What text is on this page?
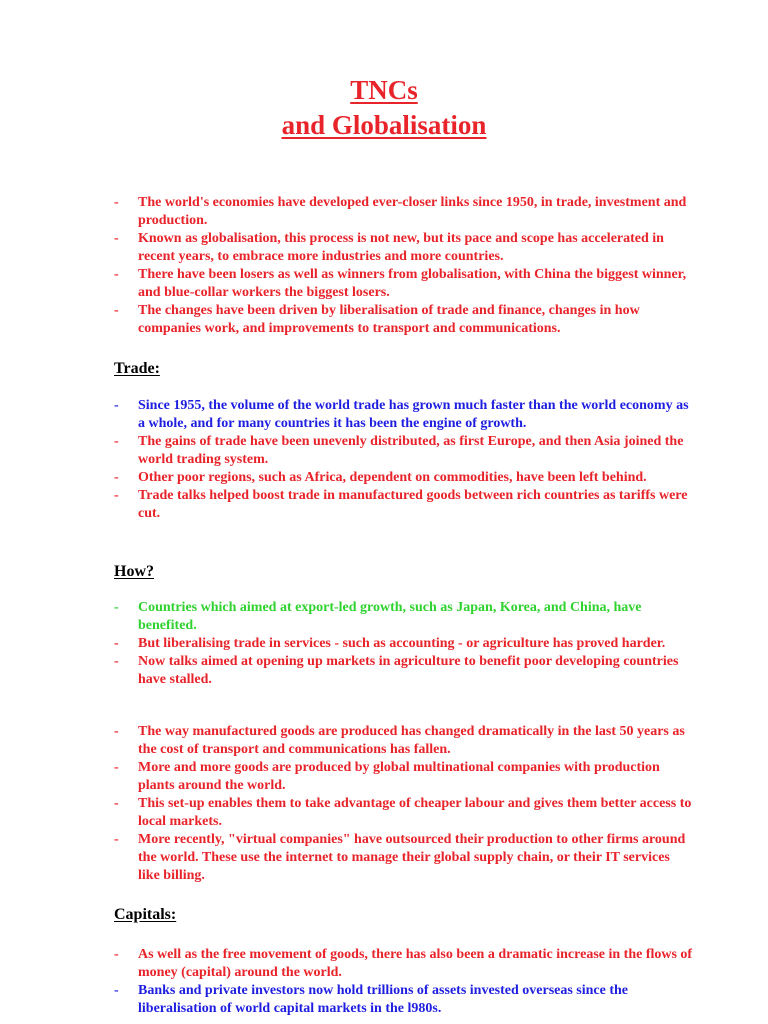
TNCs
and Globalisation
- The world's economies have developed ever-closer links since 1950, in trade, investment and production.
- Known as globalisation, this process is not new, but its pace and scope has accelerated in recent years, to embrace more industries and more countries.
- There have been losers as well as winners from globalisation, with China the biggest winner, and blue-collar workers the biggest losers.
- The changes have been driven by liberalisation of trade and finance, changes in how companies work, and improvements to transport and communications.
Trade:
- Since 1955, the volume of the world trade has grown much faster than the world economy as a whole, and for many countries it has been the engine of growth.
- The gains of trade have been unevenly distributed, as first Europe, and then Asia joined the world trading system.
- Other poor regions, such as Africa, dependent on commodities, have been left behind.
- Trade talks helped boost trade in manufactured goods between rich countries as tariffs were cut.
How?
- Countries which aimed at export-led growth, such as Japan, Korea, and China, have benefited.
- But liberalising trade in services - such as accounting - or agriculture has proved harder.
- Now talks aimed at opening up markets in agriculture to benefit poor developing countries have stalled.
- The way manufactured goods are produced has changed dramatically in the last 50 years as the cost of transport and communications has fallen.
- More and more goods are produced by global multinational companies with production plants around the world.
- This set-up enables them to take advantage of cheaper labour and gives them better access to local markets.
- More recently, "virtual companies" have outsourced their production to other firms around the world. These use the internet to manage their global supply chain, or their IT services like billing.
Capitals:
- As well as the free movement of goods, there has also been a dramatic increase in the flows of money (capital) around the world.
- Banks and private investors now hold trillions of assets invested overseas since the liberalisation of world capital markets in the l980s.
